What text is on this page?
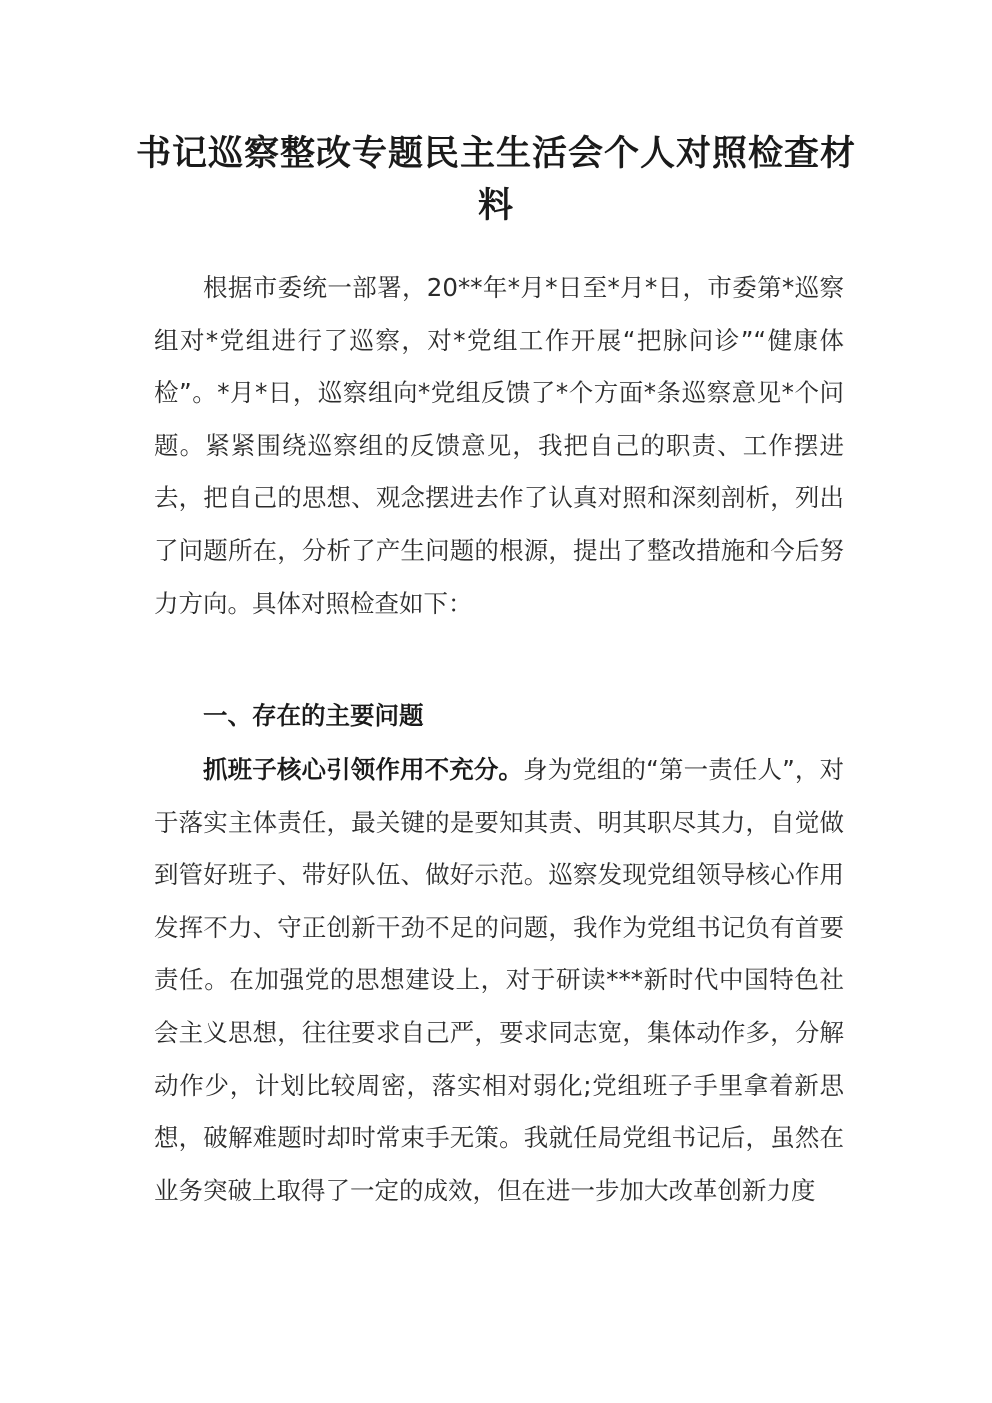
书记巡察整改专题民主生活会个人对照检查材料

根据市委统一部署，20**年*月*日至*月*日，市委第*巡察组对*党组进行了巡察，对*党组工作开展“把脉问诊”“健康体检”。*月*日，巡察组向*党组反馈了*个方面*条巡察意见*个问题。紧紧围绕巡察组的反馈意见，我把自己的职责、工作摆进去，把自己的思想、观念摆进去作了认真对照和深刻剖析，列出了问题所在，分析了产生问题的根源，提出了整改措施和今后努力方向。具体对照检查如下：

一、存在的主要问题

抓班子核心引领作用不充分。身为党组的“第一责任人”，对于落实主体责任，最关键的是要知其责、明其职尽其力，自觉做到管好班子、带好队伍、做好示范。巡察发现党组领导核心作用发挥不力、守正创新干劲不足的问题，我作为党组书记负有首要责任。在加强党的思想建设上，对于研读***新时代中国特色社会主义思想，往往要求自己严，要求同志宽，集体动作多，分解动作少，计划比较周密，落实相对弱化;党组班子手里拿着新思想，破解难题时却时常束手无策。我就任局党组书记后，虽然在业务突破上取得了一定的成效，但在进一步加大改革创新力度
